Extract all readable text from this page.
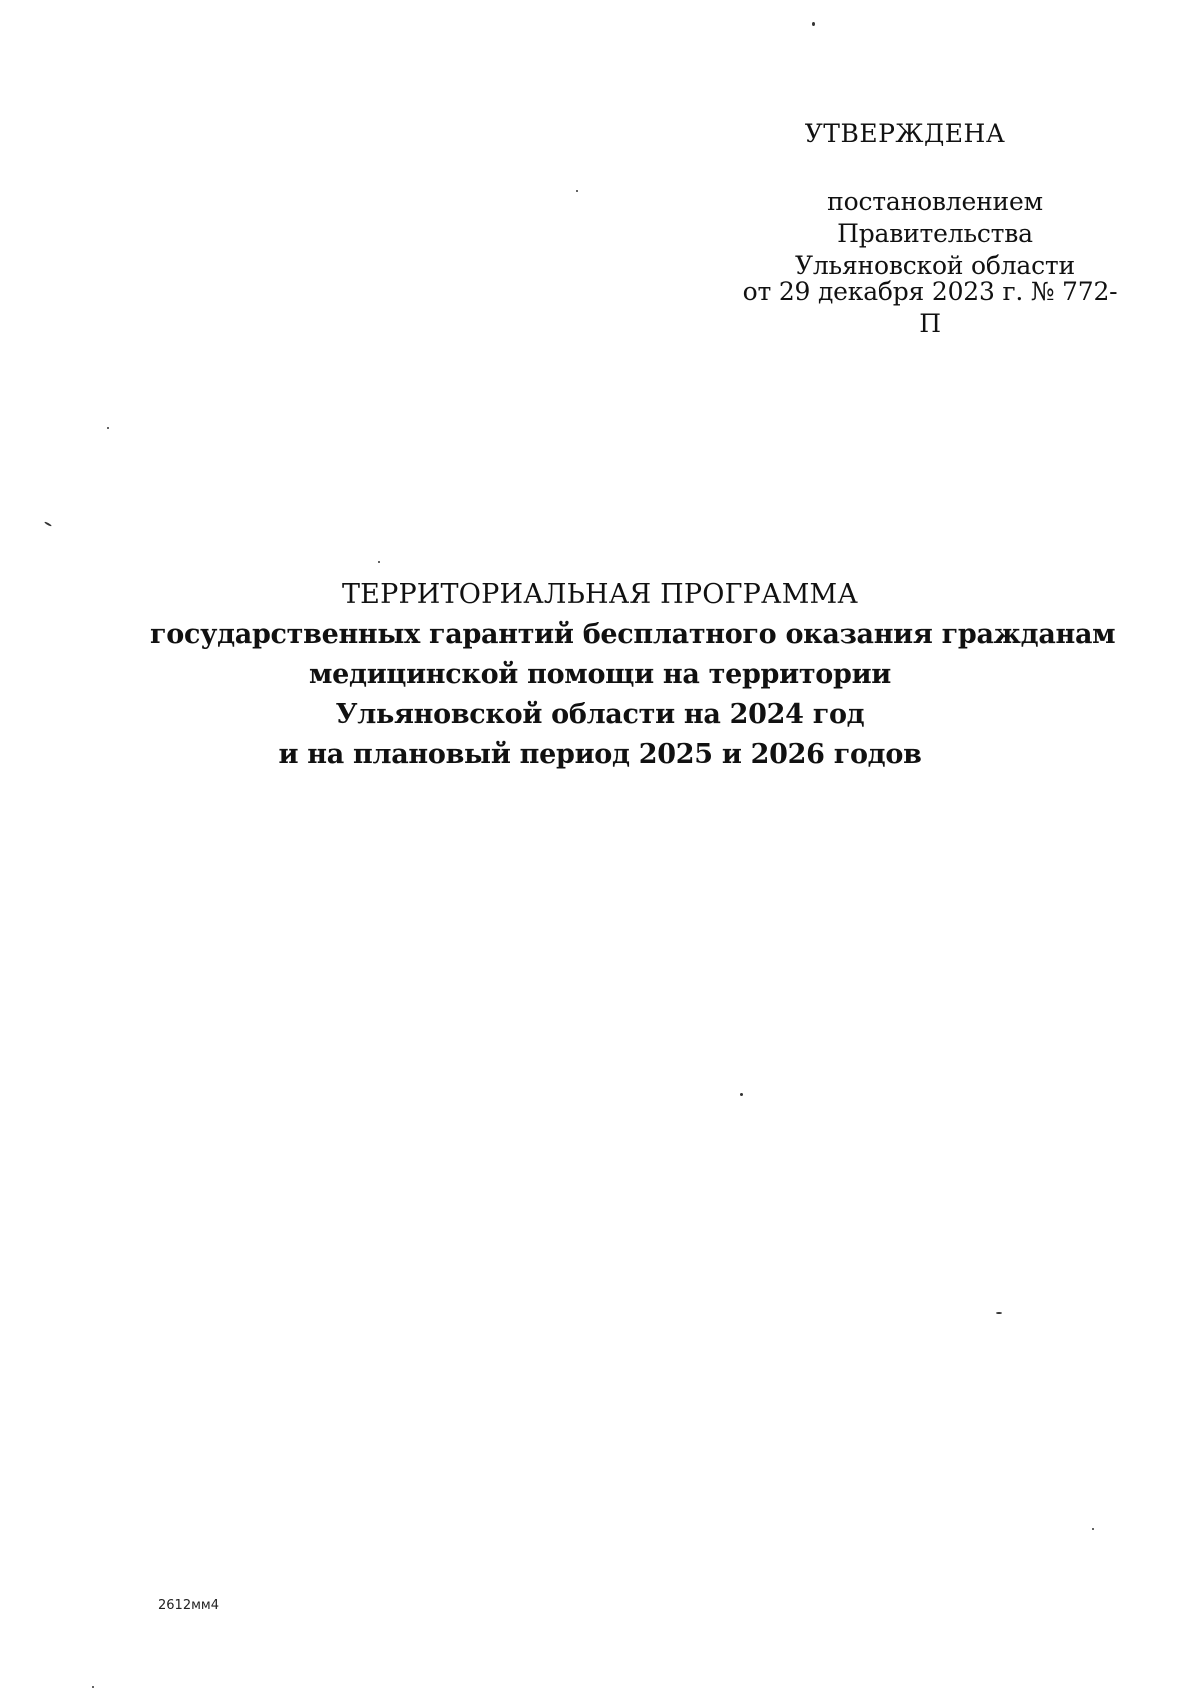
УТВЕРЖДЕНА
постановлением Правительства
Ульяновской области
от 29 декабря 2023 г. № 772-П
ТЕРРИТОРИАЛЬНАЯ ПРОГРАММА
государственных гарантий бесплатного оказания гражданам
медицинской помощи на территории
Ульяновской области на 2024 год
и на плановый период 2025 и 2026 годов
2612мм4
